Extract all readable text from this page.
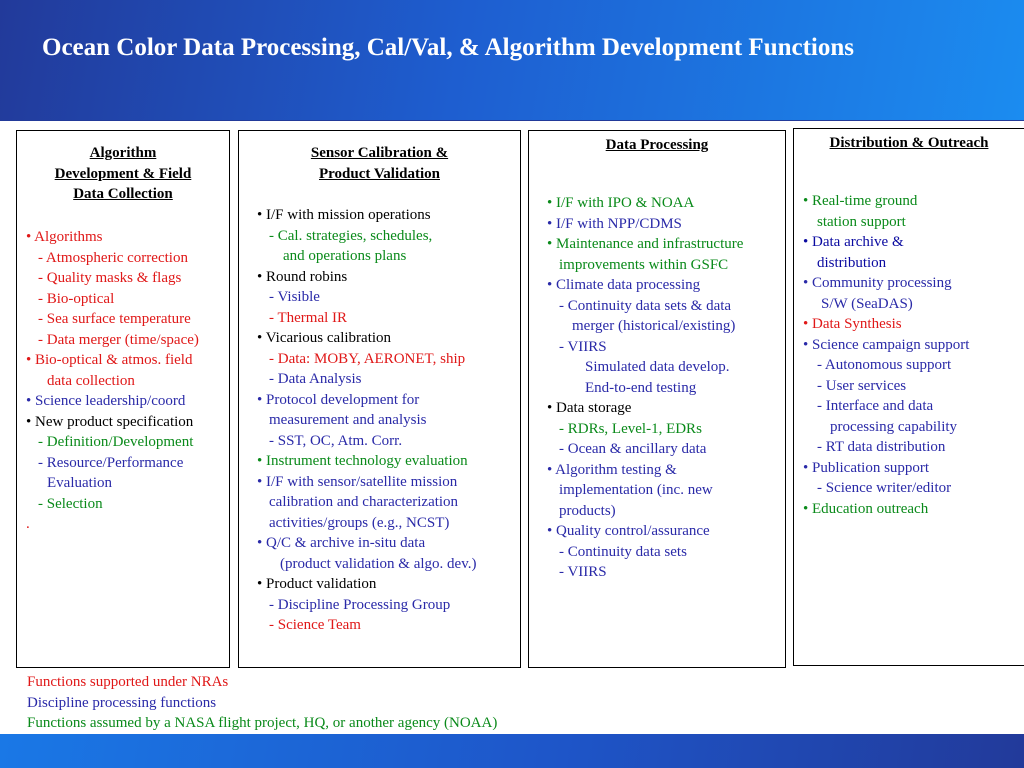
Ocean Color Data Processing, Cal/Val, & Algorithm Development Functions
Algorithm
Development & Field
Data Collection
• Algorithms
- Atmospheric correction
- Quality masks & flags
- Bio-optical
- Sea surface temperature
- Data merger (time/space)
• Bio-optical & atmos. field
data collection
• Science leadership/coord
• New product specification
- Definition/Development
- Resource/Performance
Evaluation
- Selection
.
Sensor Calibration &
Product Validation
• I/F with mission operations
- Cal. strategies, schedules,
and operations plans
• Round robins
- Visible
- Thermal IR
• Vicarious calibration
- Data: MOBY, AERONET, ship
- Data Analysis
• Protocol development for
measurement and analysis
- SST, OC, Atm. Corr.
• Instrument technology evaluation
• I/F with sensor/satellite mission
calibration and characterization
activities/groups (e.g., NCST)
• Q/C & archive in-situ data
(product validation & algo. dev.)
• Product validation
- Discipline Processing Group
- Science Team
Data Processing
• I/F with IPO & NOAA
• I/F with NPP/CDMS
• Maintenance and infrastructure
improvements within GSFC
• Climate data processing
- Continuity data sets & data
merger (historical/existing)
- VIIRS
Simulated data develop.
End-to-end testing
• Data storage
- RDRs, Level-1, EDRs
- Ocean & ancillary data
• Algorithm testing &
implementation (inc. new
products)
• Quality control/assurance
- Continuity data sets
- VIIRS
Distribution & Outreach
• Real-time ground
station support
• Data archive &
distribution
• Community processing
S/W (SeaDAS)
• Data Synthesis
• Science campaign support
- Autonomous support
- User services
- Interface and data
processing capability
- RT data distribution
• Publication support
- Science writer/editor
• Education outreach
Functions supported under NRAs
Discipline processing functions
Functions assumed by a NASA flight project, HQ, or another agency (NOAA)
